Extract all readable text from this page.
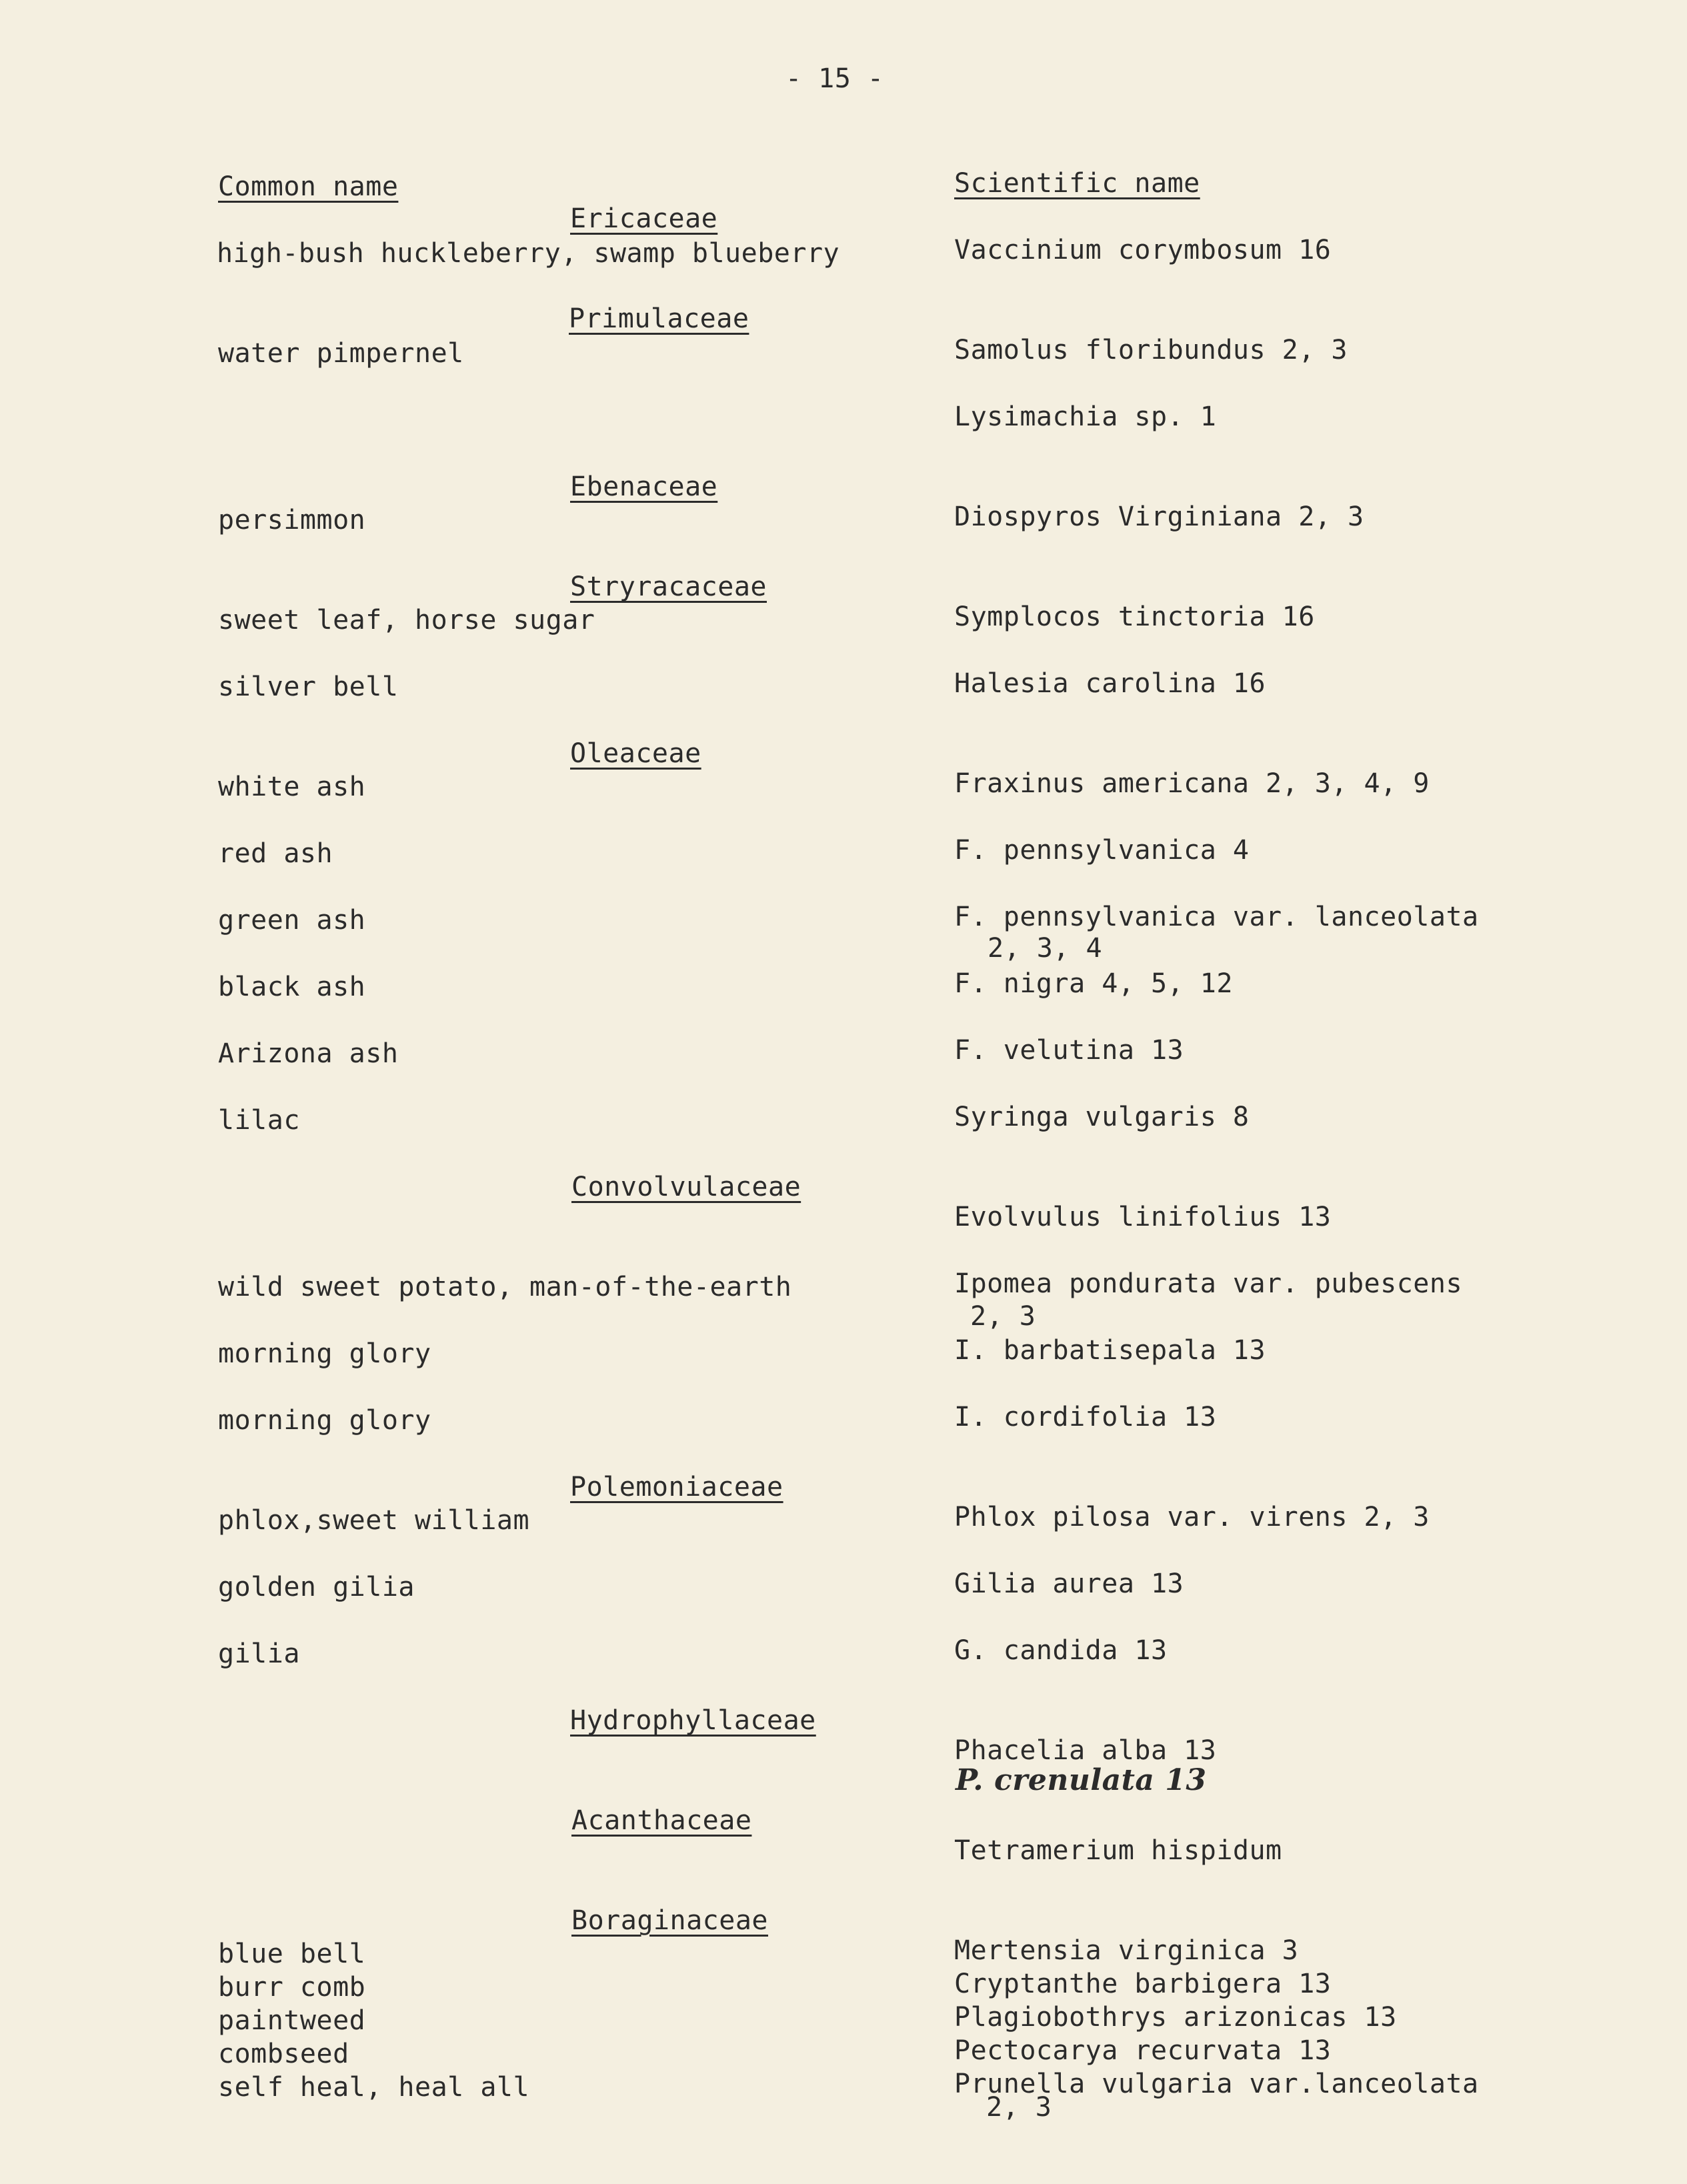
- 15 -
Common name	Scientific name
Ericaceae
Primulaceae
Ebenaceae
Stryracaceae
Oleaceae
Convolvulaceae
Polemoniaceae
Hydrophyllaceae
Acanthaceae
Boraginaceae
high-bush huckleberry, swamp blueberry
water pimpernel
persimmon
sweet leaf, horse sugar
silver bell
white ash
red ash
green ash
black ash
Arizona ash
lilac
wild sweet potato, man-of-the-earth
morning glory
morning glory
phlox,sweet william
golden gilia
gilia
blue bell
burr comb
paintweed
combseed
self heal, heal all
Vaccinium corymbosum 16
Samolus floribundus 2, 3
Lysimachia sp. 1
Diospyros Virginiana 2, 3
Symplocos tinctoria 16
Halesia carolina 16
Fraxinus americana 2, 3, 4, 9
F. pennsylvanica 4
F. pennsylvanica var. lanceolata
2, 3, 4
F. nigra 4, 5, 12
F. velutina 13
Syringa vulgaris 8
Evolvulus linifolius 13
Ipomea pondurata var. pubescens
2, 3
I. barbatisepala 13
I. cordifolia 13
Phlox pilosa var. virens 2, 3
Gilia aurea 13
G. candida 13
Phacelia alba 13
P. crenulata 13
Tetramerium hispidum
Mertensia virginica 3
Cryptanthe barbigera 13
Plagiobothrys arizonicas 13
Pectocarya recurvata 13
Prunella vulgaria var.lanceolata
2, 3
